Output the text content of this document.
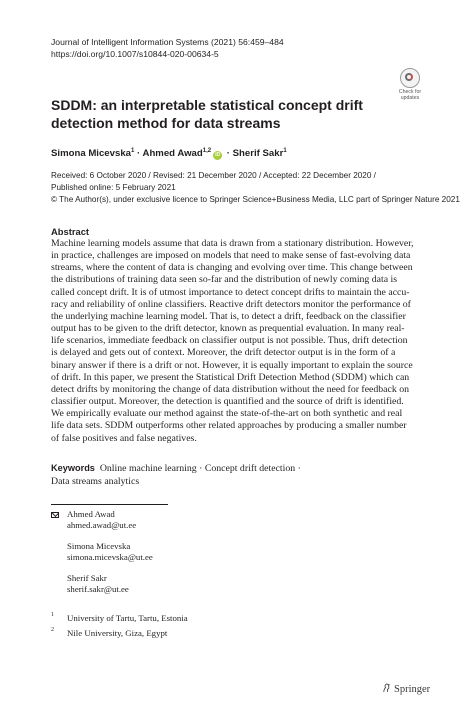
Journal of Intelligent Information Systems (2021) 56:459–484
https://doi.org/10.1007/s10844-020-00634-5
Check for
updates
SDDM: an interpretable statistical concept drift
detection method for data streams
Simona Micevska$^1$ · Ahmed Awad$^{1,2}$iD · Sherif Sakr$^1$
Received: 6 October 2020 / Revised: 21 December 2020 / Accepted: 22 December 2020 /
Published online: 5 February 2021
© The Author(s), under exclusive licence to Springer Science+Business Media, LLC part of Springer Nature 2021
Abstract
Machine learning models assume that data is drawn from a stationary distribution. However,
in practice, challenges are imposed on models that need to make sense of fast-evolving data
streams, where the content of data is changing and evolving over time. This change between
the distributions of training data seen so-far and the distribution of newly coming data is
called concept drift. It is of utmost importance to detect concept drifts to maintain the accu-
racy and reliability of online classifiers. Reactive drift detectors monitor the performance of
the underlying machine learning model. That is, to detect a drift, feedback on the classifier
output has to be given to the drift detector, known as prequential evaluation. In many real-
life scenarios, immediate feedback on classifier output is not possible. Thus, drift detection
is delayed and gets out of context. Moreover, the drift detector output is in the form of a
binary answer if there is a drift or not. However, it is equally important to explain the source
of drift. In this paper, we present the Statistical Drift Detection Method (SDDM) which can
detect drifts by monitoring the change of data distribution without the need for feedback on
classifier output. Moreover, the detection is quantified and the source of drift is identified.
We empirically evaluate our method against the state-of-the-art on both synthetic and real
life data sets. SDDM outperforms other related approaches by producing a smaller number
of false positives and false negatives.
Keywords Online machine learning · Concept drift detection ·
Data streams analytics
Ahmed Awad
ahmed.awad@ut.ee
Simona Micevska
simona.micevska@ut.ee
Sherif Sakr
sherif.sakr@ut.ee
1 University of Tartu, Tartu, Estonia
2 Nile University, Giza, Egypt
Springer
